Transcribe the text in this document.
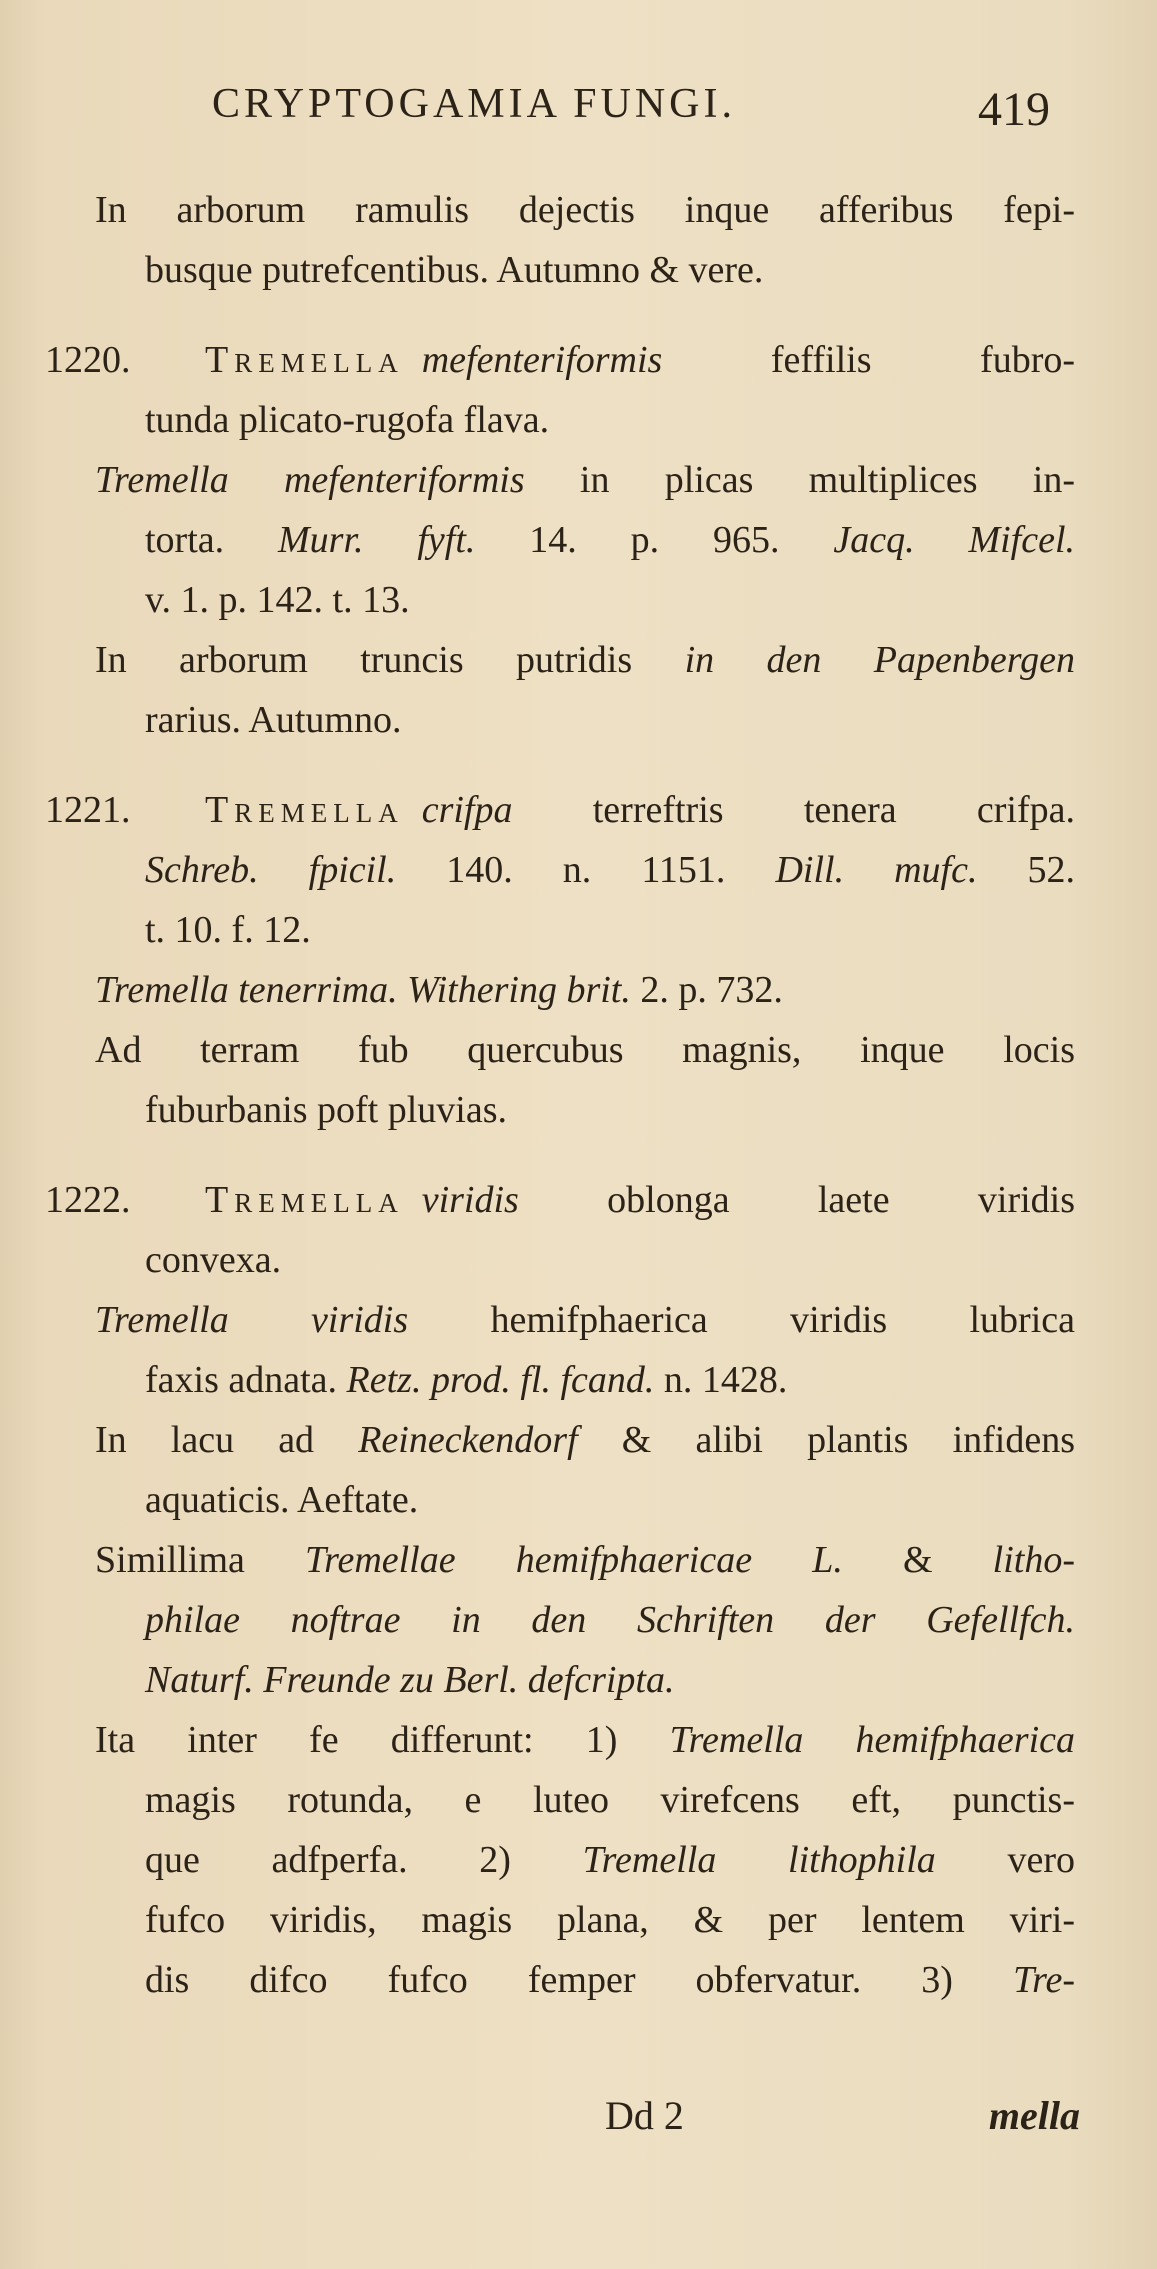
CRYPTOGAMIA FUNGI.	419
In arborum ramulis dejectis inque afferibus fepi-
busque putrefcentibus. Autumno & vere.
1220. Tremella mefenteriformis	feffilis fubro-
tunda plicato-rugofa flava.
Tremella mefenteriformis in plicas multiplices in-
torta. Murr. fyft. 14. p. 965. Jacq. Mifcel.
v. 1. p. 142. t. 13.
In arborum truncis putridis in den Papenbergen
rarius. Autumno.
1221. Tremella crifpa terreftris tenera crifpa.
Schreb. fpicil. 140. n. 1151. Dill. mufc. 52.
t. 10. f. 12.
Tremella tenerrima. Withering brit. 2. p. 732.
Ad terram fub quercubus magnis, inque locis
fuburbanis poft pluvias.
1222. Tremella viridis oblonga laete viridis
convexa.
Tremella viridis hemifphaerica viridis lubrica
faxis adnata. Retz. prod. fl. fcand. n. 1428.
In lacu ad Reineckendorf & alibi plantis infidens
aquaticis. Aeftate.
Simillima Tremellae hemifphaericae L. & litho-
philae noftrae in den Schriften der Gefellfch.
Naturf. Freunde zu Berl. defcripta.
Ita inter fe differunt: 1) Tremella hemifphaerica
magis rotunda, e luteo virefcens eft, punctis-
que adfperfa. 2) Tremella lithophila vero
fufco viridis, magis plana, & per lentem viri-
dis difco fufco femper obfervatur. 3) Tre-
Dd 2	mella
